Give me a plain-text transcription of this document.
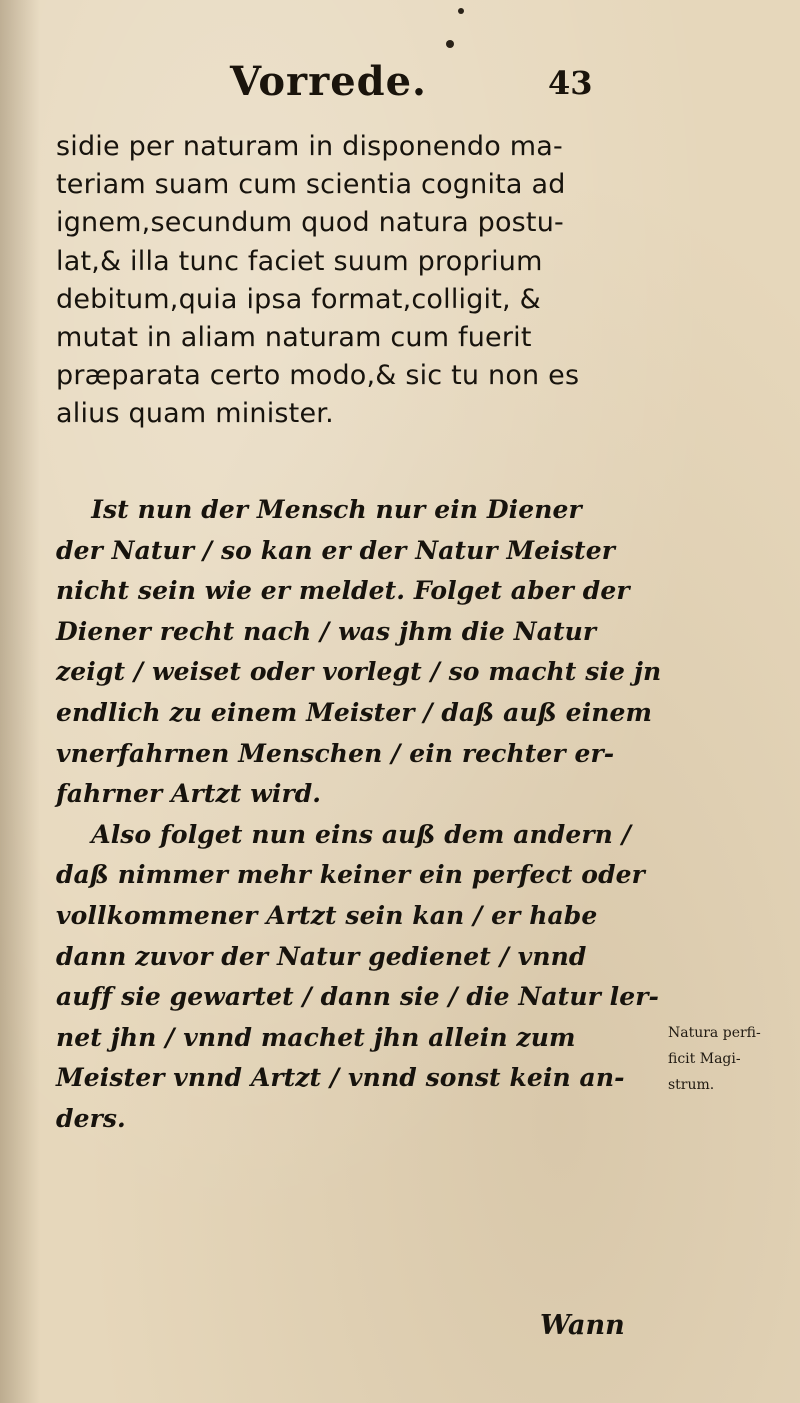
Vorrede.	43
sidie per naturam in disponendo ma-
teriam suam cum scientia cognita ad
ignem,secundum quod natura postu-
lat,& illa tunc faciet suum proprium
debitum,quia ipsa format,colligit, &
mutat in aliam naturam cum fuerit
præparata certo modo,& sic tu non es
alius quam minister.
Ist nun der Mensch nur ein Diener
der Natur / so kan er der Natur Meister
nicht sein wie er meldet. Folget aber der
Diener recht nach / was jhm die Natur
zeigt / weiset oder vorlegt / so macht sie jn
endlich zu einem Meister / daß auß einem
vnerfahrnen Menschen / ein rechter er-
fahrner Artzt wird.
Also folget nun eins auß dem andern /
daß nimmer mehr keiner ein perfect oder
vollkommener Artzt sein kan / er habe
dann zuvor der Natur gedienet / vnnd
auff sie gewartet / dann sie / die Natur ler-
net jhn / vnnd machet jhn allein zum
Meister vnnd Artzt / vnnd sonst kein an-
ders.
Natura perfi-
ficit Magi-
strum.
Wann
